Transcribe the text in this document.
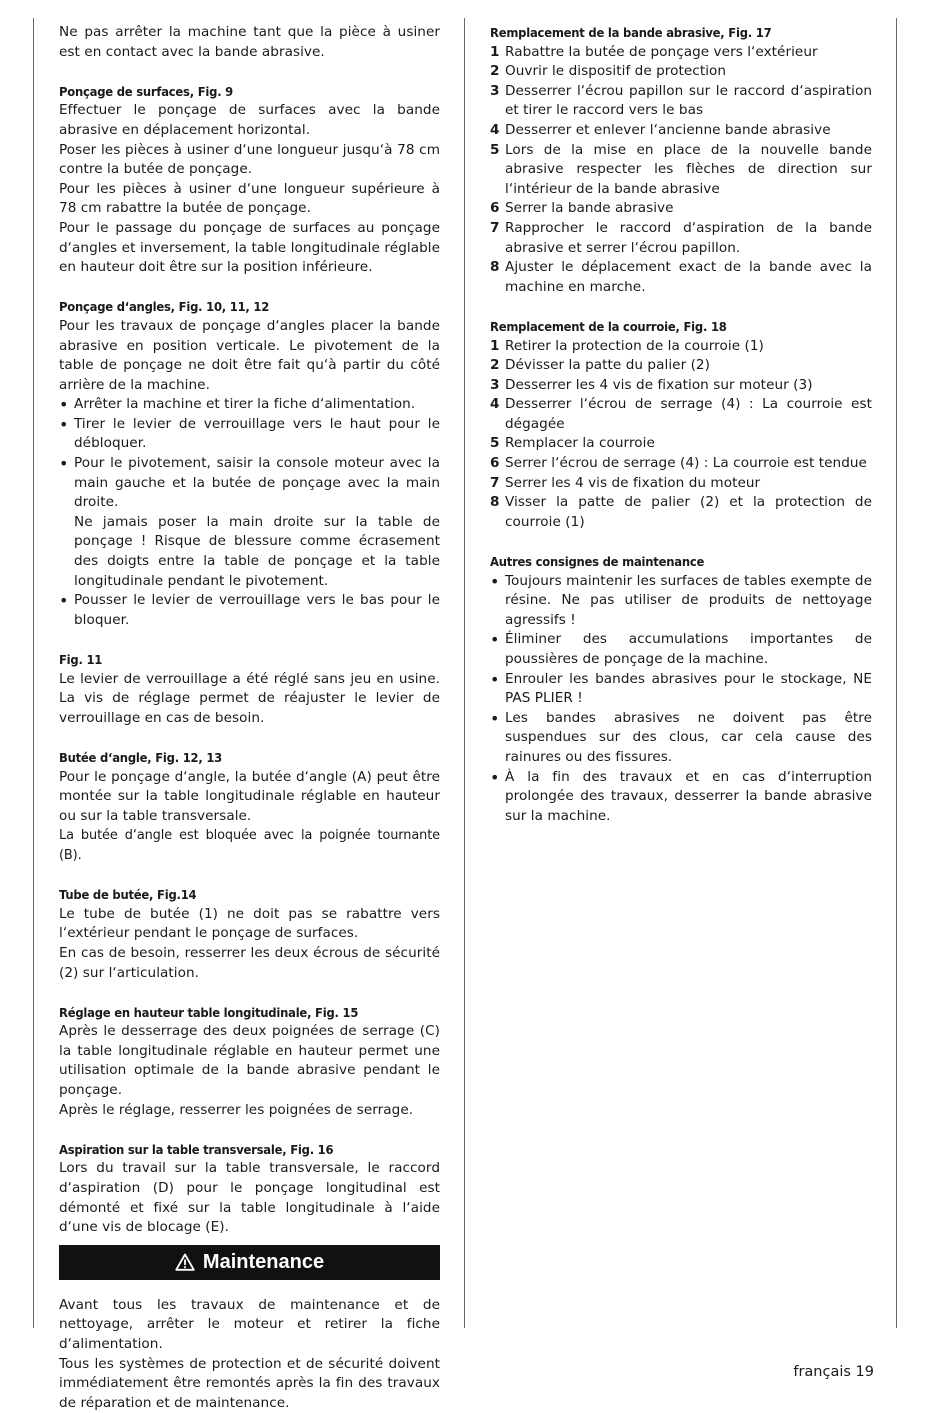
Ne pas arrêter la machine tant que la pièce à usiner est en contact avec la bande abrasive.

Ponçage de surfaces, Fig. 9

Effectuer le ponçage de surfaces avec la bande abrasive en déplacement horizontal.

Poser les pièces à usiner d‘une longueur jusqu‘à 78 cm contre la butée de ponçage.

Pour les pièces à usiner d‘une longueur supérieure à 78 cm rabattre la butée de ponçage.

Pour le passage du ponçage de surfaces au ponçage d‘angles et inversement, la table longitudinale réglable en hauteur doit être sur la position inférieure.

Ponçage d‘angles, Fig. 10, 11, 12

Pour les travaux de ponçage d‘angles placer la bande abrasive en position verticale. Le pivotement de la table de ponçage ne doit être fait qu‘à partir du côté arrière de la machine.

• Arrêter la machine et tirer la fiche d‘alimentation.

• Tirer le levier de verrouillage vers le haut pour le débloquer.

• Pour le pivotement, saisir la console moteur avec la main gauche et la butée de ponçage avec la main droite.

Ne jamais poser la main droite sur la table de ponçage ! Risque de blessure comme écrasement des doigts entre la table de ponçage et la table longitudinale pendant le pivotement.

• Pousser le levier de verrouillage vers le bas pour le bloquer.

Fig. 11

Le levier de verrouillage a été réglé sans jeu en usine. La vis de réglage permet de réajuster le levier de verrouillage en cas de besoin.

Butée d‘angle, Fig. 12, 13

Pour le ponçage d‘angle, la butée d‘angle (A) peut être montée sur la table longitudinale réglable en hauteur ou sur la table transversale.

La butée d‘angle est bloquée avec la poignée tournante (B).

Tube de butée, Fig.14

Le tube de butée (1) ne doit pas se rabattre vers l‘extérieur pendant le ponçage de surfaces.

En cas de besoin, resserrer les deux écrous de sécurité (2) sur l‘articulation.

Réglage en hauteur table longitudinale, Fig. 15

Après le desserrage des deux poignées de serrage (C) la table longitudinale réglable en hauteur permet une utilisation optimale de la bande abrasive pendant le ponçage.

Après le réglage, resserrer les poignées de serrage.

Aspiration sur la table transversale, Fig. 16

Lors du travail sur la table transversale, le raccord d‘aspiration (D) pour le ponçage longitudinal est démonté et fixé sur la table longitudinale à l‘aide d‘une vis de blocage (E).

Maintenance

Avant tous les travaux de maintenance et de nettoyage, arrêter le moteur et retirer la fiche d‘alimentation.

Tous les systèmes de protection et de sécurité doivent immédiatement être remontés après la fin des travaux de réparation et de maintenance.

Remplacement de la bande abrasive, Fig. 17

1 Rabattre la butée de ponçage vers l‘extérieur

2 Ouvrir le dispositif de protection

3 Desserrer l‘écrou papillon sur le raccord d‘aspiration et tirer le raccord vers le bas

4 Desserrer et enlever l‘ancienne bande abrasive

5 Lors de la mise en place de la nouvelle bande abrasive respecter les flèches de direction sur l‘intérieur de la bande abrasive

6 Serrer la bande abrasive

7 Rapprocher le raccord d‘aspiration de la bande abrasive et serrer l‘écrou papillon.

8 Ajuster le déplacement exact de la bande avec la machine en marche.

Remplacement de la courroie, Fig. 18

1 Retirer la protection de la courroie (1)

2 Dévisser la patte du palier (2)

3 Desserrer les 4 vis de fixation sur moteur (3)

4 Desserrer l‘écrou de serrage (4) : La courroie est dégagée

5 Remplacer la courroie

6 Serrer l‘écrou de serrage (4) : La courroie est tendue

7 Serrer les 4 vis de fixation du moteur

8 Visser la patte de palier (2) et la protection de courroie (1)

Autres consignes de maintenance

• Toujours maintenir les surfaces de tables exempte de résine. Ne pas utiliser de produits de nettoyage agressifs !

• Éliminer des accumulations importantes de poussières de ponçage de la machine.

• Enrouler les bandes abrasives pour le stockage, NE PAS PLIER !

• Les bandes abrasives ne doivent pas être suspendues sur des clous, car cela cause des rainures ou des fissures.

• À la fin des travaux et en cas d‘interruption prolongée des travaux, desserrer la bande abrasive sur la machine.

français 19
